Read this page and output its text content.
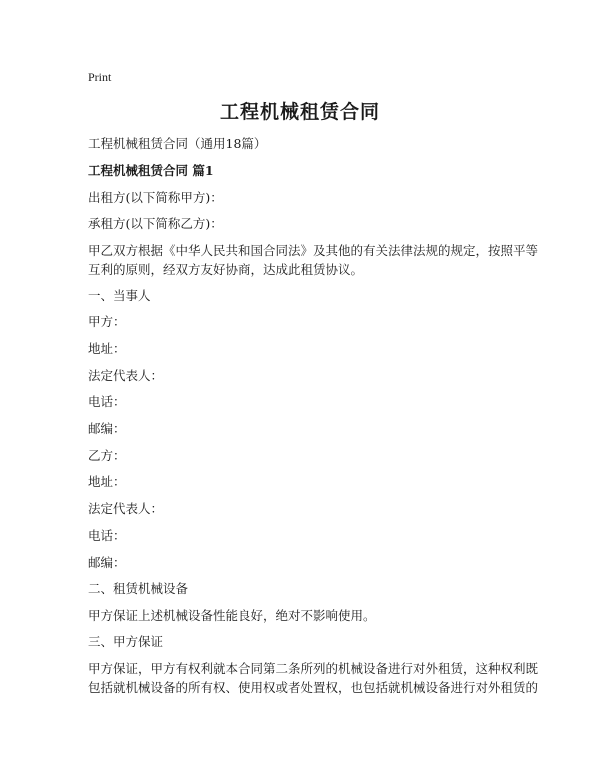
Print
工程机械租赁合同
工程机械租赁合同（通用18篇）
工程机械租赁合同 篇1
出租方(以下简称甲方)：
承租方(以下简称乙方)：
甲乙双方根据《中华人民共和国合同法》及其他的有关法律法规的规定，按照平等
互利的原则，经双方友好协商，达成此租赁协议。
一、当事人
甲方：
地址：
法定代表人：
电话：
邮编：
乙方：
地址：
法定代表人：
电话：
邮编：
二、租赁机械设备
甲方保证上述机械设备性能良好，绝对不影响使用。
三、甲方保证
甲方保证，甲方有权利就本合同第二条所列的机械设备进行对外租赁，这种权利既
包括就机械设备的所有权、使用权或者处置权，也包括就机械设备进行对外租赁的
